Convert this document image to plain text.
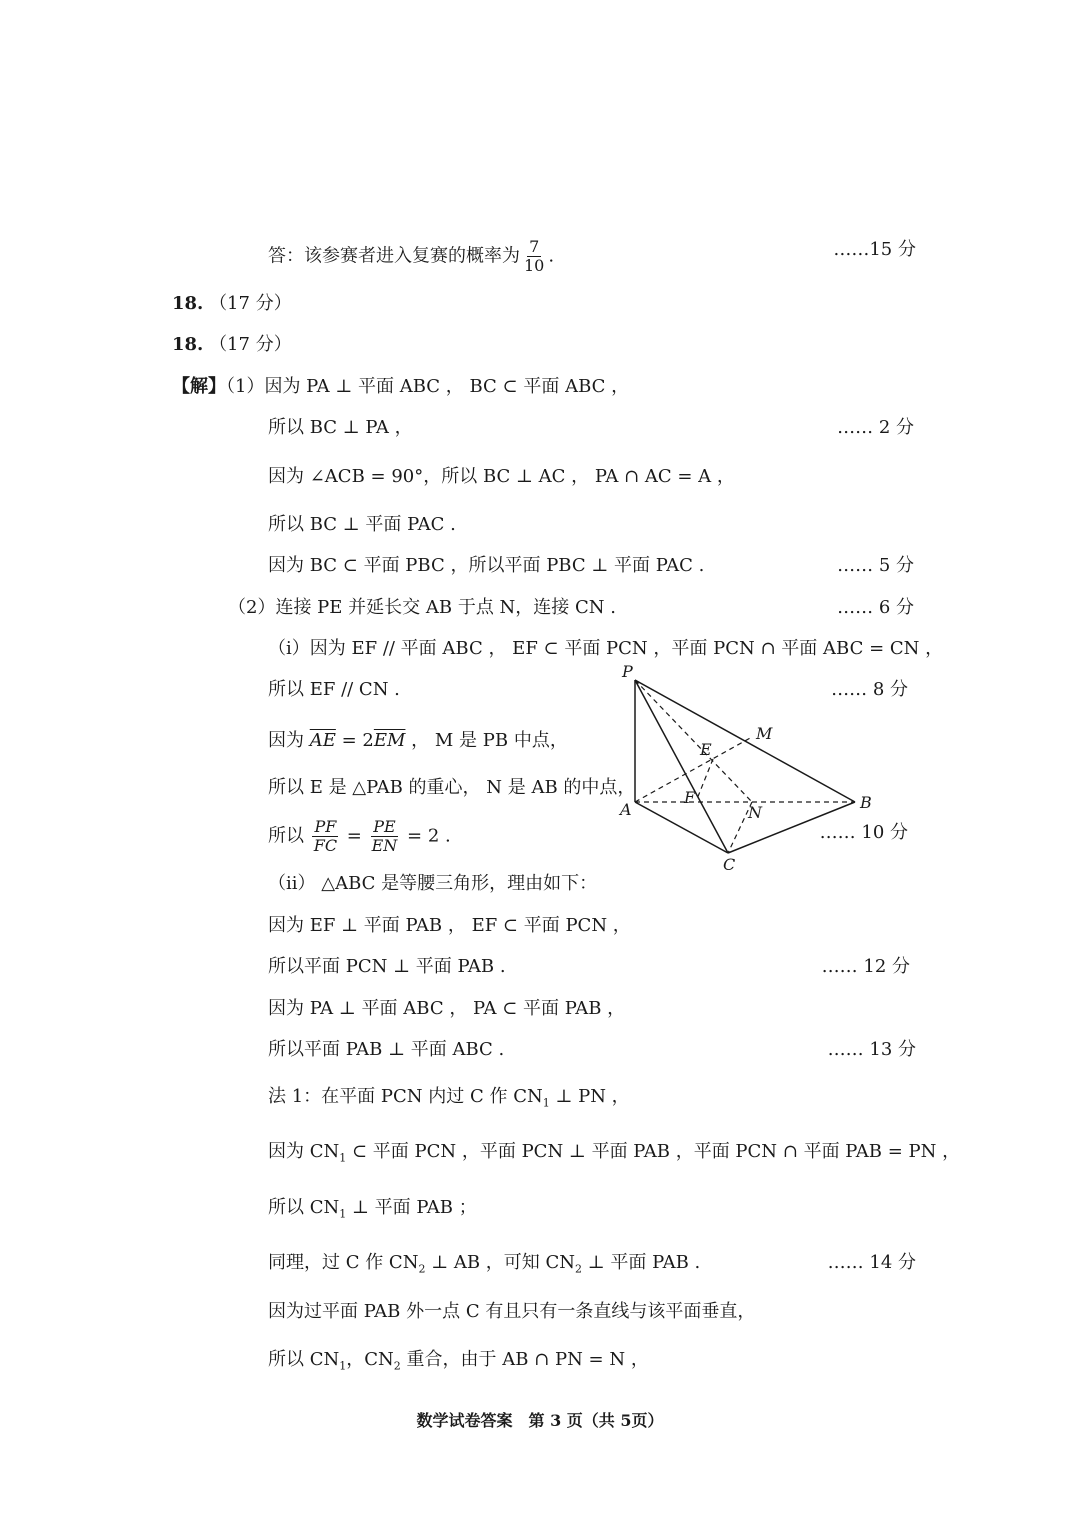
答：该参赛者进入复赛的概率为 $\frac{7}{10}$ .	……15 分
18. （17 分）
18. （17 分）
【解】（1）因为 PA ⊥ 平面 ABC ， BC ⊂ 平面 ABC ，
所以 BC ⊥ PA ，	…… 2 分
因为 ∠ACB = 90°，所以 BC ⊥ AC ， PA ∩ AC = A ，
所以 BC ⊥ 平面 PAC .
因为 BC ⊂ 平面 PBC ，所以平面 PBC ⊥ 平面 PAC .	…… 5 分
（2）连接 PE 并延长交 AB 于点 N，连接 CN .	…… 6 分
（i）因为 EF // 平面 ABC ， EF ⊂ 平面 PCN ，平面 PCN ∩ 平面 ABC = CN ，
所以 EF // CN .	…… 8 分
因为 $\overline{AE} = 2\overline{EM}$ ， M 是 PB 中点，
所以 E 是 △PAB 的重心， N 是 AB 的中点，
所以 $\frac{PF}{FC} = \frac{PE}{EN} = 2$ .	…… 10 分
（ii） △ABC 是等腰三角形，理由如下：
因为 EF ⊥ 平面 PAB ， EF ⊂ 平面 PCN ，
所以平面 PCN ⊥ 平面 PAB .	…… 12 分
因为 PA ⊥ 平面 ABC ， PA ⊂ 平面 PAB ，
所以平面 PAB ⊥ 平面 ABC .	…… 13 分
法 1：在平面 PCN 内过 C 作 $CN_1$ ⊥ PN ，
因为 $CN_1$ ⊂ 平面 PCN ，平面 PCN ⊥ 平面 PAB ，平面 PCN ∩ 平面 PAB = PN ，
所以 $CN_1$ ⊥ 平面 PAB ；
同理，过 C 作 $CN_2$ ⊥ AB ，可知 $CN_2$ ⊥ 平面 PAB .	…… 14 分
因为过平面 PAB 外一点 C 有且只有一条直线与该平面垂直，
所以 $CN_1$，$CN_2$ 重合，由于 AB ∩ PN = N ，
P
M
E
F
A	N
B
C
数学试卷答案　第 3 页（共 5页）
